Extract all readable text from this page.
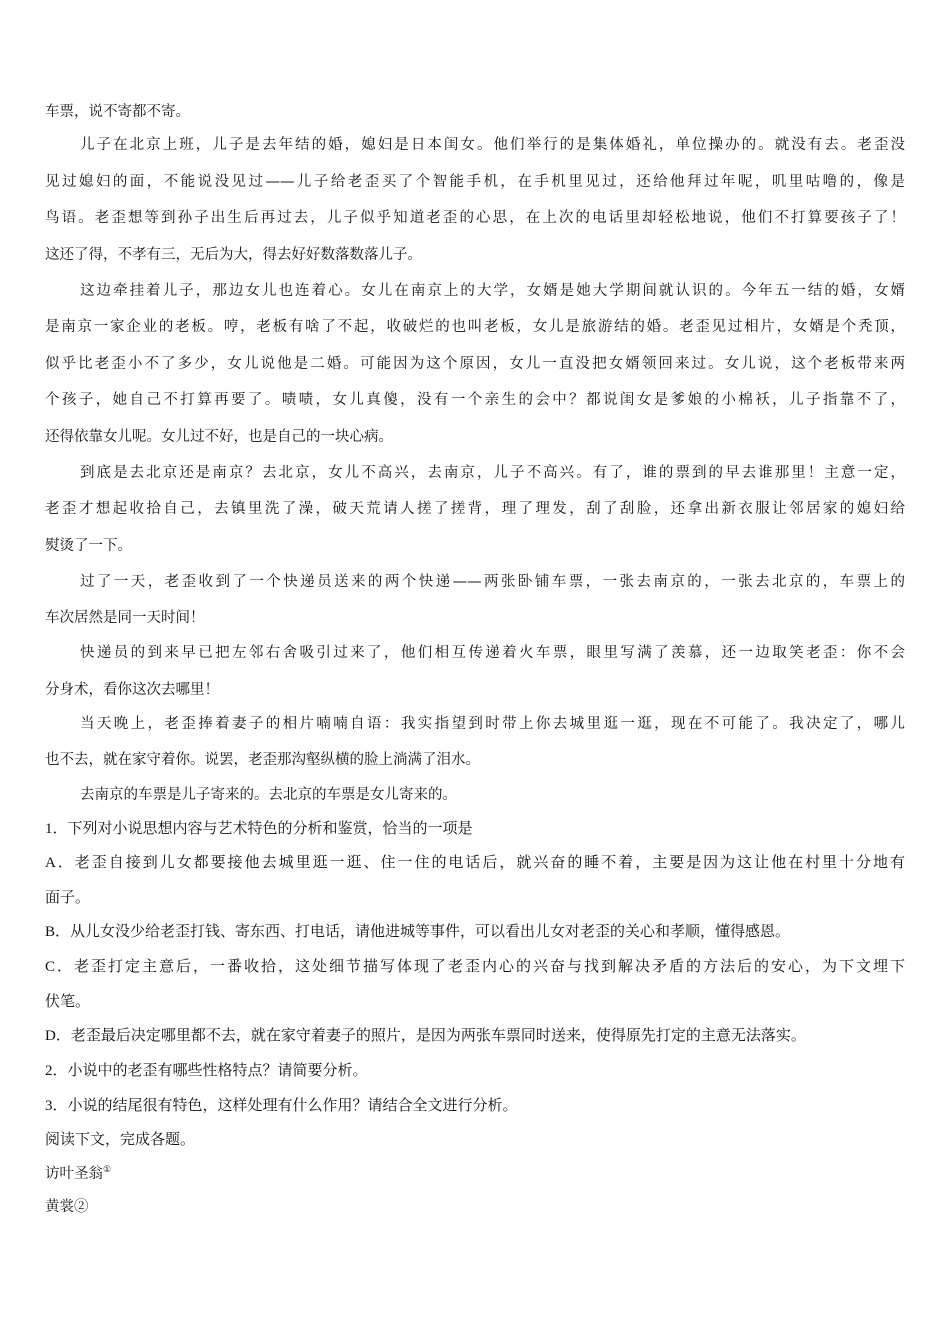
车票，说不寄都不寄。
儿子在北京上班，儿子是去年结的婚，媳妇是日本闺女。他们举行的是集体婚礼，单位操办的。就没有去。老歪没
见过媳妇的面，不能说没见过——儿子给老歪买了个智能手机，在手机里见过，还给他拜过年呢，叽里咕噜的，像是
鸟语。老歪想等到孙子出生后再过去，儿子似乎知道老歪的心思，在上次的电话里却轻松地说，他们不打算要孩子了！
这还了得，不孝有三，无后为大，得去好好数落数落儿子。
这边牵挂着儿子，那边女儿也连着心。女儿在南京上的大学，女婿是她大学期间就认识的。今年五一结的婚，女婿
是南京一家企业的老板。哼，老板有啥了不起，收破烂的也叫老板，女儿是旅游结的婚。老歪见过相片，女婿是个秃顶，
似乎比老歪小不了多少，女儿说他是二婚。可能因为这个原因，女儿一直没把女婿领回来过。女儿说，这个老板带来两
个孩子，她自己不打算再要了。啧啧，女儿真傻，没有一个亲生的会中？都说闺女是爹娘的小棉袄，儿子指靠不了，
还得依靠女儿呢。女儿过不好，也是自己的一块心病。
到底是去北京还是南京？去北京，女儿不高兴，去南京，儿子不高兴。有了，谁的票到的早去谁那里！主意一定，
老歪才想起收拾自己，去镇里洗了澡，破天荒请人搓了搓背，理了理发，刮了刮脸，还拿出新衣服让邻居家的媳妇给
熨烫了一下。
过了一天，老歪收到了一个快递员送来的两个快递——两张卧铺车票，一张去南京的，一张去北京的，车票上的
车次居然是同一天时间！
快递员的到来早已把左邻右舍吸引过来了，他们相互传递着火车票，眼里写满了羡慕，还一边取笑老歪：你不会
分身术，看你这次去哪里！
当天晚上，老歪捧着妻子的相片喃喃自语：我实指望到时带上你去城里逛一逛，现在不可能了。我决定了，哪儿
也不去，就在家守着你。说罢，老歪那沟壑纵横的脸上淌满了泪水。
去南京的车票是儿子寄来的。去北京的车票是女儿寄来的。
1．下列对小说思想内容与艺术特色的分析和鉴赏，恰当的一项是
A．老歪自接到儿女都要接他去城里逛一逛、住一住的电话后，就兴奋的睡不着，主要是因为这让他在村里十分地有
面子。
B．从儿女没少给老歪打钱、寄东西、打电话，请他进城等事件，可以看出儿女对老歪的关心和孝顺，懂得感恩。
C．老歪打定主意后，一番收拾，这处细节描写体现了老歪内心的兴奋与找到解决矛盾的方法后的安心，为下文埋下
伏笔。
D．老歪最后决定哪里都不去，就在家守着妻子的照片，是因为两张车票同时送来，使得原先打定的主意无法落实。
2．小说中的老歪有哪些性格特点？请简要分析。
3．小说的结尾很有特色，这样处理有什么作用？请结合全文进行分析。
阅读下文，完成各题。
访叶圣翁①
黄裳②
